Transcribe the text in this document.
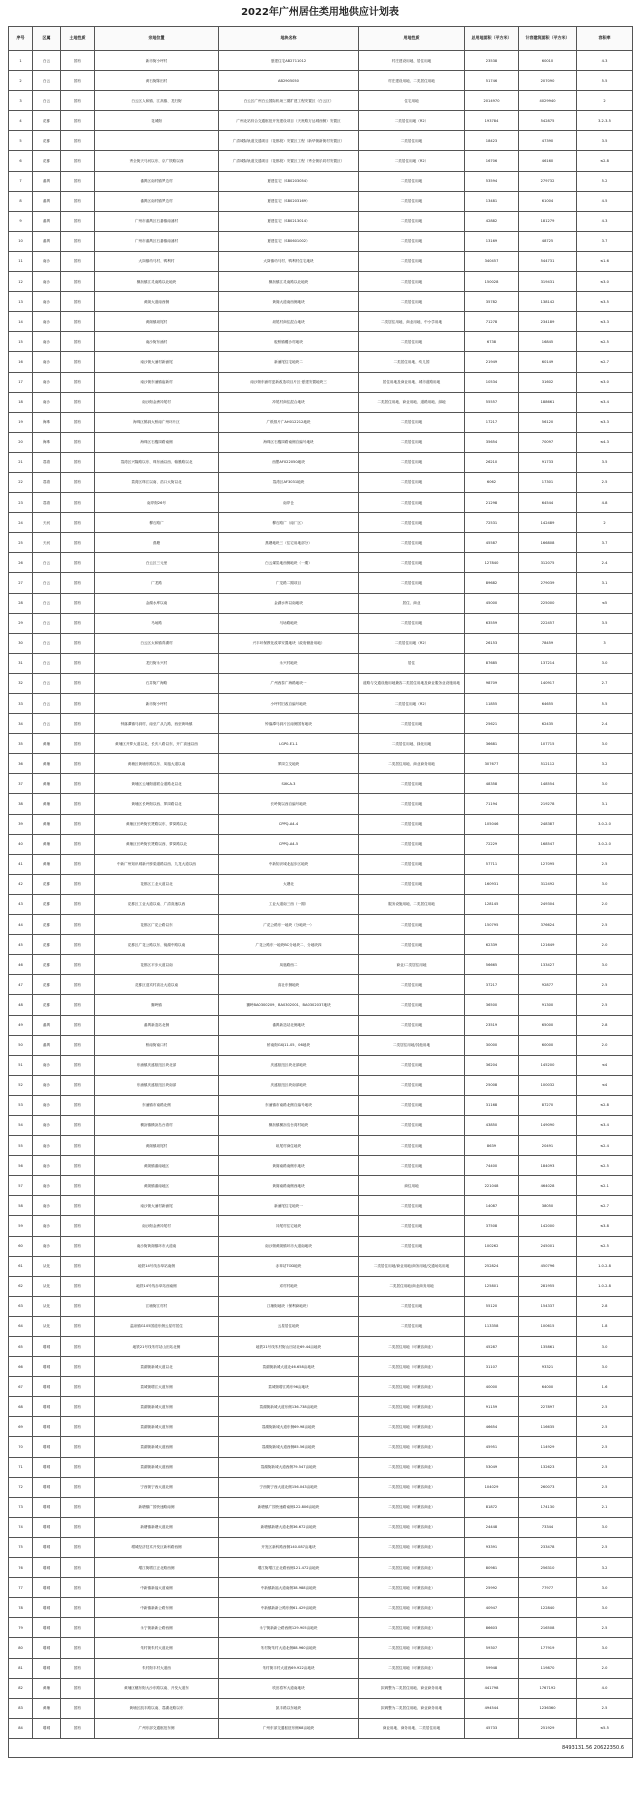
2022年广州居住类用地供应计划表
序号	区属	土地性质	宗地位置	地块名称	用地性质	总用地面积（平方米）	计容建筑面积（平方米）	容积率
1	白云	国有	新市街小坪村	夏建住宅AB2711012	村庄建设用地、居住用地	23538	60010	4.3
2	白云	国有	黄石街陈田村	AB2905050	村庄建设用地、二类居住用地	51746	207090	5.5
3	白云	国有	白云区人和镇、江高镇、龙归街	白云区广州白云国际机场三期扩建工程安置区（白云区）	住宅用地	2014970	4029940	2
4	花都	国有	花城街	广州北站综合交通枢纽开发建设项目（天贵路万达城西侧）安置区	二类居住用地（R2）	193784	542875	3.2-3.5
5	花都	国有		广清城际轨道交通项目（花都段）安置区工程（新华街新街村安置区）	二类居住用地	18423	47390	3.5
6	花都	国有	秀全街天马河以东、京广铁路以西	广清城际轨道交通项目（花都段）安置区工程（秀全街乐同村安置区）	二类居住用地（R2）	16706	46160	≤2.8
7	番禺	国有	番禺区南村镇罗边村	夏建住宅（SB0203054）	二类居住用地	53594	279732	5.2
8	番禺	国有	番禺区南村镇罗边村	夏建住宅（SB0203169）	二类居住用地	13481	61004	4.5
9	番禺	国有	广州市番禺区石碁镇南浦村	夏建住宅（SB0213014）	二类居住用地	42882	181279	4.3
10	番禺	国有	广州市番禺区石碁镇南浦村	夏建住宅（SB0601002）	二类居住用地	13169	48725	3.7
11	南沙	国有	大岗镇幼马村、鸭利村	大岗镇幼马村、鸭利村住宅地块	二类居住用地	340457	544731	≤1.6
12	南沙	国有	横沥镇江灵南路以北地块	横沥镇江灵南路以北地块	二类居住用地	150028	319431	≤3.0
13	南沙	国有	黄阁大道南西侧	黄阁大道南西侧地块	二类居住用地	35782	138142	≤3.5
14	南沙	国有	黄阁镇坦尾村	坦尾村商住混合地块	二类居住用地、商业用地、中小学用地	71278	234189	≤3.3
15	南沙	国有	南沙街东涌村	板桥镇覆沙村地块	二类居住用地	6738	16845	≤2.5
16	南沙	国有	南沙街大涌村新涌尾	新涌尾住宅地块二	二类居住用地、幼儿园	21949	60149	≤2.7
17	南沙	国有	南沙街东涌镇庙新村	南沙街东涌村更新改造项目片区·夏建安置地块三	居住用地及商业用地、城市道路用地	10534	31602	≤3.0
18	南沙	国有	南沙街金洲冲尾村	冲尾村商住混合地块	二类居住用地、商业用地、道路用地、绿地	55557	188661	≤3.4
19	海珠	国有	海珠区鹤洞大桥南广州环片区	广纸排片广AH012212地块	二类居住用地	17217	56120	≤3.3
20	海珠	国有	海珠区石榴岗路南侧	海珠区石榴岗路南侧自编号地块	二类居住用地	35654	70097	≤4.3
21	荔湾	国有	荔湾区兴隆路以东、珠东涌以西、翰墨路以北	西塱AF022050地块	二类居住用地	26210	91733	3.5
22	荔湾	国有	荔湾区珠江以南、浩口大街以北	荔湾区AF3031地块	二类居住用地	6062	17301	2.5
23	荔湾	国有	南岸街26号	南岸仓	二类居住用地	21298	64544	4.8
24	天河	国有	柳石路广	柳石路广（南厂区）	二类居住用地	72531	142489	2
25	天河	国有	燕塘	燕塘地块三（住宅用地部分）	二类居住用地	45587	166808	3.7
26	白云	国有	白云区三元里	白云煤炭地西侧地块（一期）	二类居住用地	127840	312075	2.4
27	白云	国有	广龙路	广龙路二期项目	二类居住用地	89682	279039	3.1
28	白云	国有	金湖水库以南	金湖水库以南地块	居住、商业	45000	225000	≤5
29	白云	国有	马场路	马场路地块	二类居住用地	63559	222457	3.5
30	白云	国有	白云区太和镇青湖村	兴丰环保教化改革安置地块（政府储备用地）	二类居住用地（R2）	26153	78459	3
31	白云	国有	龙归街永兴村	永兴村地块	居住	87685	137214	3.0
32	白云	国有	石井街广海路	广州西泰广海路地块一	道路与交通设施用地兼容二类居住用地及商业服务业设施用地	98709	140917	2.7
33	白云	国有	新市街小坪村	小坪村旧改自编号地块	二类居住用地（R2）	11855	64655	5.5
34	白云	国有	钟落潭镇马洞村，南至广从九路，西至黄坳镇	钟落潭马洞片区南侧国有地块	二类居住用地	25621	62435	2.4
35	黄埔	国有	黄埔区开萝大道以北，长庆八路以东，开广高速以西	LGP0-E1-1	二类居住用地、绿化用地	36681	107715	3.0
36	黄埔	国有	黄埔区黄埔东路以东、凤凰大道以南	萝岗立交地块	二类居住用地、商业商务用地	307677	512112	3.2
37	黄埔	国有	黄埔区云埔街道联合道路北以北	SXK-A-3	二类居住用地	48358	148554	3.0
38	黄埔	国有	黄埔区长岭街以西、萝岗路以北	长岭街以西自编号地块	二类居住用地	71194	219278	3.1
39	黄埔	国有	黄埔区长岭街长贤路以东、萝岗路以北	CPPQ-A4-4	二类居住用地	105046	248387	3.0-2.0
40	黄埔	国有	黄埔区长岭街长贤路以西、萝岗路以北	CPPQ-A4-5	二类居住用地	72229	168547	3.0-2.0
41	黄埔	国有	中新广州知识城新兴桥梁道路以西、九龙大道以西	中新知识城北起步区地块	二类居住用地	57711	127095	2.5
42	花都	国有	花都区工业大道以北	大塘北	二类居住用地	160931	312492	3.0
43	花都	国有	花都区工业大道以南、广清高速以西	工业大道南三西（一期）	服务设施用地、二类居住用地	128145	249304	2.0
44	花都	国有	花都区广花公路以东	广花公路东一地块（分地块一）	二类居住用地	150795	376624	2.5
45	花都	国有	花都区广花公路以东、镜湖中路以南	广花公路东一地块BC分地块二、分地块四	二类居住用地	62339	121649	2.0
46	花都	国有	花都区平步大道以南	凤凰路西二	商业/二类居住用地	56665	133427	3.0
47	花都	国有	花都区迎宾村高社大道以南	高社东侧地块	二类居住用地	37217	92877	2.5
48	花都	国有	狮岭镇	狮岭BA0300209、BA0302001、BA0302037地块	二类居住用地	36500	91300	2.5
49	番禺	国有	番禺新造站北侧	番禺新造站北侧地块	二类居住用地	23519	65000	2.8
50	番禺	国有	桥南街南口村	桥南街GXJ11-05、06地块	二类居住用地/其他用地	30000	60000	2.0
51	南沙	国有	东涌镇庆盛枢纽区块北部	庆盛枢纽区块北部地块	二类居住用地	36204	145200	≤4
52	南沙	国有	东涌镇庆盛枢纽区块南部	庆盛枢纽区块南部地块	二类居住用地	25008	100032	≤4
53	南沙	国有	东涌镇市南路北侧	东涌镇市南路北侧自编号地块	二类居住用地	31168	87270	≤2.8
54	南沙	国有	横沥镇横沥岛台湾村	横沥镇横沥岛台湾村地块	二类居住用地	43850	149090	≤3.4
55	南沙	国有	黄阁镇坦尾村	坦尾村商住地块	二类居住用地	8639	20491	≤2.4
56	南沙	国有	黄阁镇番南地区	黄阁南路南侧东地块	二类居住用地	74400	184093	≤2.5
57	南沙	国有	黄阁镇番南地区	黄阁南路南侧西地块	商住用地	221048	464028	≤2.1
58	南沙	国有	南沙街大涌村新涌尾	新涌尾住宅地块一	二类居住用地	14087	38050	≤2.7
59	南沙	国有	南沙街金洲冲尾村	冲尾村住宅地块	二类居住用地	37508	142000	≤3.8
60	南沙	国有	南沙街黄阁镇环市大道南	南沙街黄阁镇环市大道南地块	二类居住用地	100262	245001	≤2.5
61	从化	国有	地铁14号线赤草站南侧	赤草站TOD地块	二类居住用地/商业用地/商务用地/交通场站用地	252824	450796	1.0-2.8
62	从化	国有	地铁14号线赤草站西南侧	邓村村地块	二类居住用地/商业商务用地	125801	281955	1.0-2.8
63	从化	国有	江埔街江村村	江埔街地块（保利商地块）	二类居住用地	55120	154337	2.8
64	从化	国有	温泉镇G105国道东侧云星村居住	云星居住地块	二类居住用地	113358	100615	1.8
65	增城	国有	地铁21号线朱村站山田站北侧	地铁21号线朱村街山田站北69.44亩地块	二类居住用地（可兼容商业）	45287	135861	3.0
66	增城	国有	荔湖街新城大道以北	荔湖街新城大道北46.658亩地块	二类居住用地（可兼容商业）	31107	93321	3.0
67	增城	国有	荔城街增江大道东侧	荔城街增江路东96亩地块	二类居住用地（可兼容商业）	40000	64000	1.6
68	增城	国有	荔湖街新城大道东侧	荔湖街新城大道东侧136.738亩地块	二类居住用地（可兼容商业）	91159	227897	2.5
69	增城	国有	荔湖街新城大道东侧	荔湖街新城大道东侧69.98亩地块	二类居住用地（可兼容商业）	46654	116635	2.5
70	增城	国有	荔湖街新城大道西侧	荔湖街新城大道西侧85.56亩地块	二类居住用地（可兼容商业）	45951	114929	2.5
71	增城	国有	荔湖街新城大道西侧	荔湖街新城大道西侧79.547亩地块	二类居住用地（可兼容商业）	53049	132623	2.5
72	增城	国有	宁西街宁西大道北侧	宁西街宁西大道北侧156.043亩地块	二类居住用地（可兼容商业）	104029	260073	2.5
73	增城	国有	新塘镇广园快速路南侧	新塘镇广园快速路南侧122.806亩地块	二类居住用地（可兼容商业）	81872	174130	2.1
74	增城	国有	新塘镇新塘大道北侧	新塘镇新塘大道北侧36.672亩地块	二类居住用地（可兼容商业）	24448	73344	3.0
75	增城	国有	增城经济技术开发区新科路西侧	开发区新科路西侧140.087亩地块	二类居住用地（可兼容商业）	93391	233478	2.5
76	增城	国有	增江街增江正北路西侧	增江街增江正北路西侧121.472亩地块	二类居住用地（可兼容商业）	80981	256310	3.2
77	增城	国有	中新镇新福大道南侧	中新镇新福大道南侧38.988亩地块	二类居住用地（可兼容商业）	25992	77977	3.0
78	增城	国有	中新镇新新公路东侧	中新镇新新公路东侧61.429亩地块	二类居住用地（可兼容商业）	40947	122840	3.0
79	增城	国有	永宁街新新公路西侧	永宁街新新公路西侧129.905亩地块	二类居住用地（可兼容商业）	86603	216508	2.5
80	增城	国有	朱村街朱村大道北侧	朱村街朱村大道北侧88.960亩地块	二类居住用地（可兼容商业）	59307	177919	3.0
81	增城	国有	朱村街丰村大道西	朱村街丰村大道西69.922亩地块	二类居住用地（可兼容商业）	59948	119870	2.0
82	黄埔	国有	黄埔区穗东街大沙东路以南、开发大道东	吹田将军大道南地块	拟调整为二类居住用地、商业商务用地	441798	1767192	4.0
83	黄埔	国有	黄埔区凯丰路以南、荔湖北路以东	凯丰路以东地块	拟调整为二类居住用地、商业商务用地	494544	1236360	2.5
84	增城	国有	广州东部交通枢纽东侧	广州东部交通枢纽东侧68亩地块	商业用地、商务用地、二类居住用地	45733	251929	≤5.5
8493131.56 20622350.6								
